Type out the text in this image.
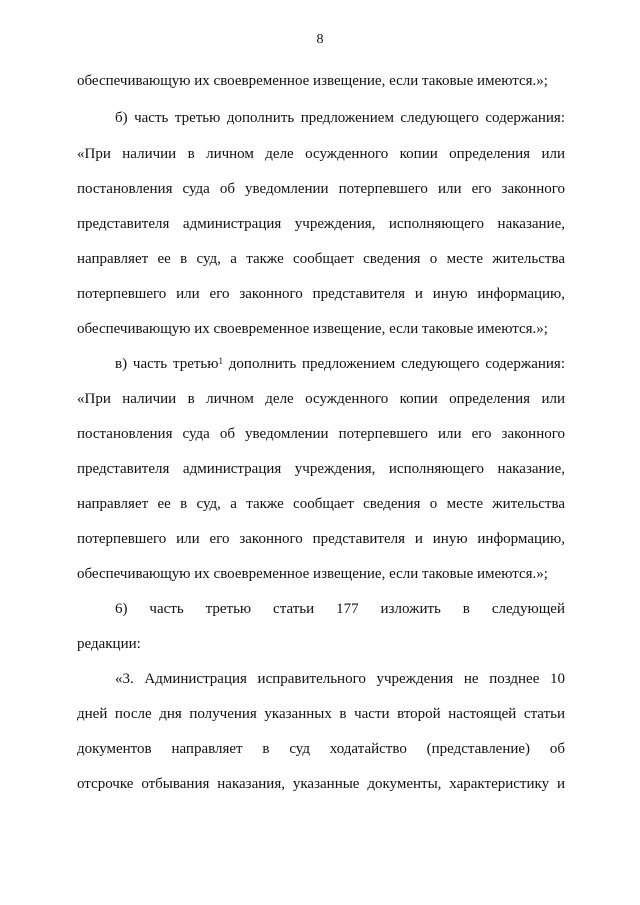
8
обеспечивающую их своевременное извещение, если таковые имеются.»;
б) часть третью дополнить предложением следующего содержания:
«При наличии в личном деле осужденного копии определения или
постановления суда об уведомлении потерпевшего или его законного
представителя администрация учреждения, исполняющего наказание,
направляет ее в суд, а также сообщает сведения о месте жительства
потерпевшего или его законного представителя и иную информацию,
обеспечивающую их своевременное извещение, если таковые имеются.»;
в) часть третью$^1$ дополнить предложением следующего содержания:
«При наличии в личном деле осужденного копии определения или
постановления суда об уведомлении потерпевшего или его законного
представителя администрация учреждения, исполняющего наказание,
направляет ее в суд, а также сообщает сведения о месте жительства
потерпевшего или его законного представителя и иную информацию,
обеспечивающую их своевременное извещение, если таковые имеются.»;
6) часть третью статьи 177 изложить в следующей
редакции:
«3. Администрация исправительного учреждения не позднее 10
дней после дня получения указанных в части второй настоящей статьи
документов направляет в суд ходатайство (представление) об
отсрочке отбывания наказания, указанные документы, характеристику и
